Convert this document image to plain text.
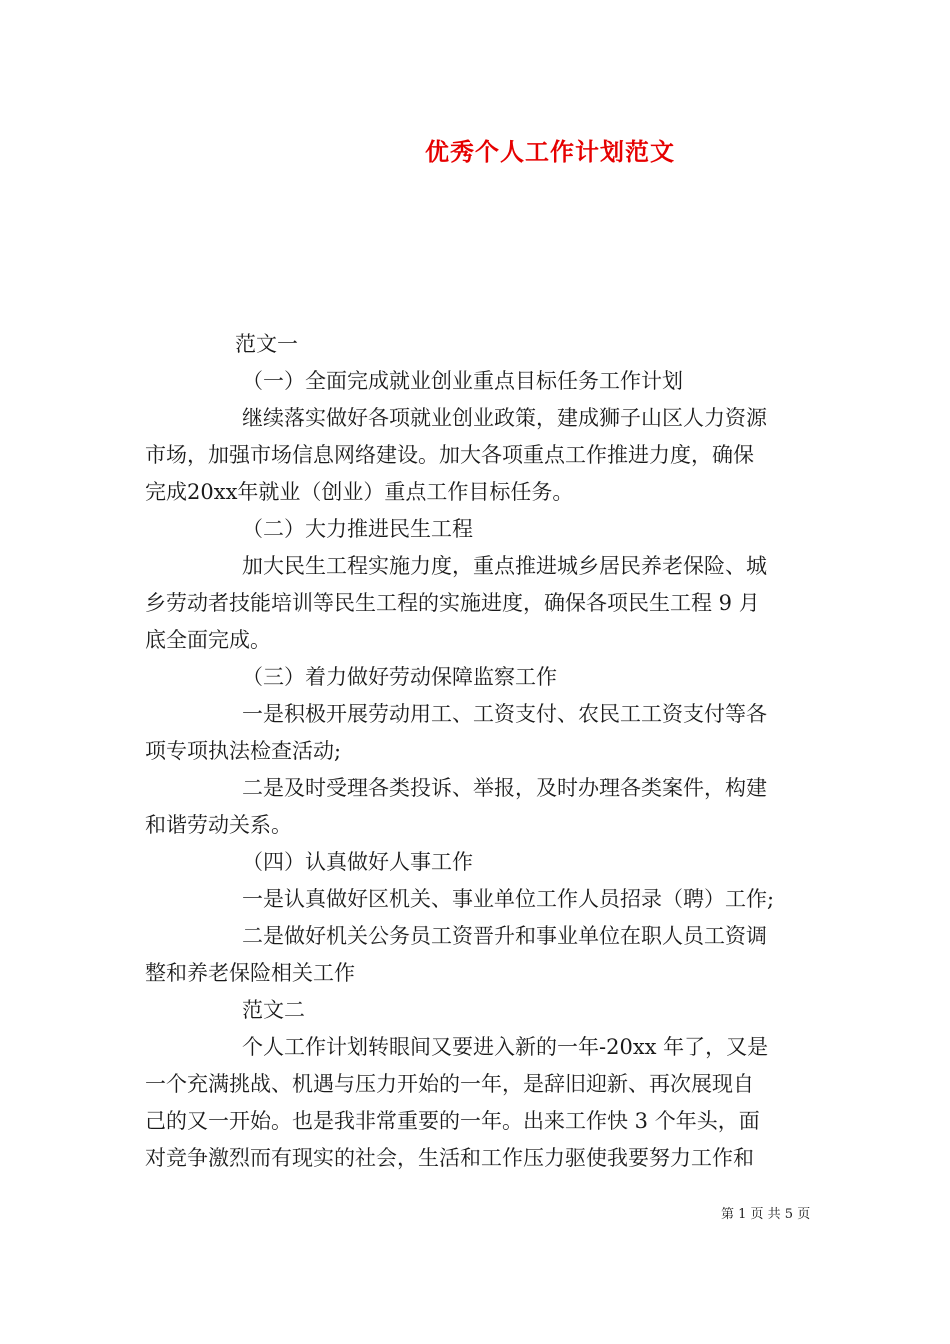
优秀个人工作计划范文
范文一
（一）全面完成就业创业重点目标任务工作计划
继续落实做好各项就业创业政策，建成狮子山区人力资源
市场，加强市场信息网络建设。加大各项重点工作推进力度，确保
完成20xx年就业（创业）重点工作目标任务。
（二）大力推进民生工程
加大民生工程实施力度，重点推进城乡居民养老保险、城
乡劳动者技能培训等民生工程的实施进度，确保各项民生工程 9 月
底全面完成。
（三）着力做好劳动保障监察工作
一是积极开展劳动用工、工资支付、农民工工资支付等各
项专项执法检查活动;
二是及时受理各类投诉、举报，及时办理各类案件，构建
和谐劳动关系。
（四）认真做好人事工作
一是认真做好区机关、事业单位工作人员招录（聘）工作;
二是做好机关公务员工资晋升和事业单位在职人员工资调
整和养老保险相关工作
范文二
个人工作计划转眼间又要进入新的一年-20xx 年了，又是
一个充满挑战、机遇与压力开始的一年，是辞旧迎新、再次展现自
己的又一开始。也是我非常重要的一年。出来工作快 3 个年头，面
对竞争激烈而有现实的社会，生活和工作压力驱使我要努力工作和
第 1 页 共 5 页
